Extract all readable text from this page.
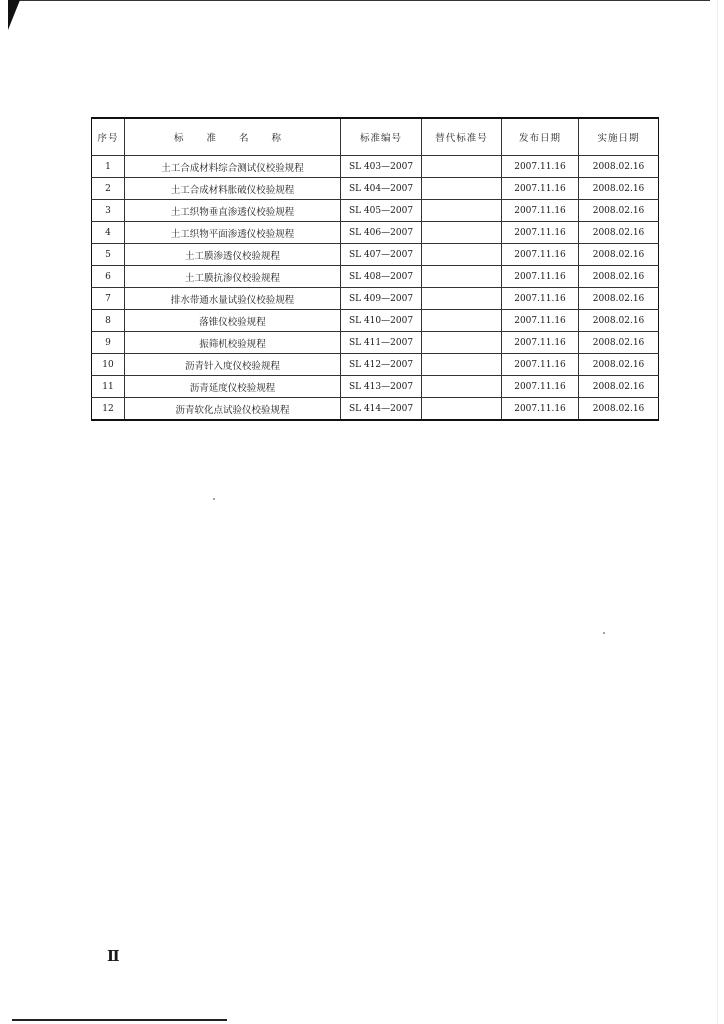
序号	标 准 名 称	标准编号	替代标准号	发布日期	实施日期
1	土工合成材料综合测试仪校验规程	SL 403—2007		2007.11.16	2008.02.16
2	土工合成材料胀破仪校验规程	SL 404—2007		2007.11.16	2008.02.16
3	土工织物垂直渗透仪校验规程	SL 405—2007		2007.11.16	2008.02.16
4	土工织物平面渗透仪校验规程	SL 406—2007		2007.11.16	2008.02.16
5	土工膜渗透仪校验规程	SL 407—2007		2007.11.16	2008.02.16
6	土工膜抗渗仪校验规程	SL 408—2007		2007.11.16	2008.02.16
7	排水带通水量试验仪校验规程	SL 409—2007		2007.11.16	2008.02.16
8	落锥仪校验规程	SL 410—2007		2007.11.16	2008.02.16
9	振筛机校验规程	SL 411—2007		2007.11.16	2008.02.16
10	沥青针入度仪校验规程	SL 412—2007		2007.11.16	2008.02.16
11	沥青延度仪校验规程	SL 413—2007		2007.11.16	2008.02.16
12	沥青软化点试验仪校验规程	SL 414—2007		2007.11.16	2008.02.16
Ⅱ
